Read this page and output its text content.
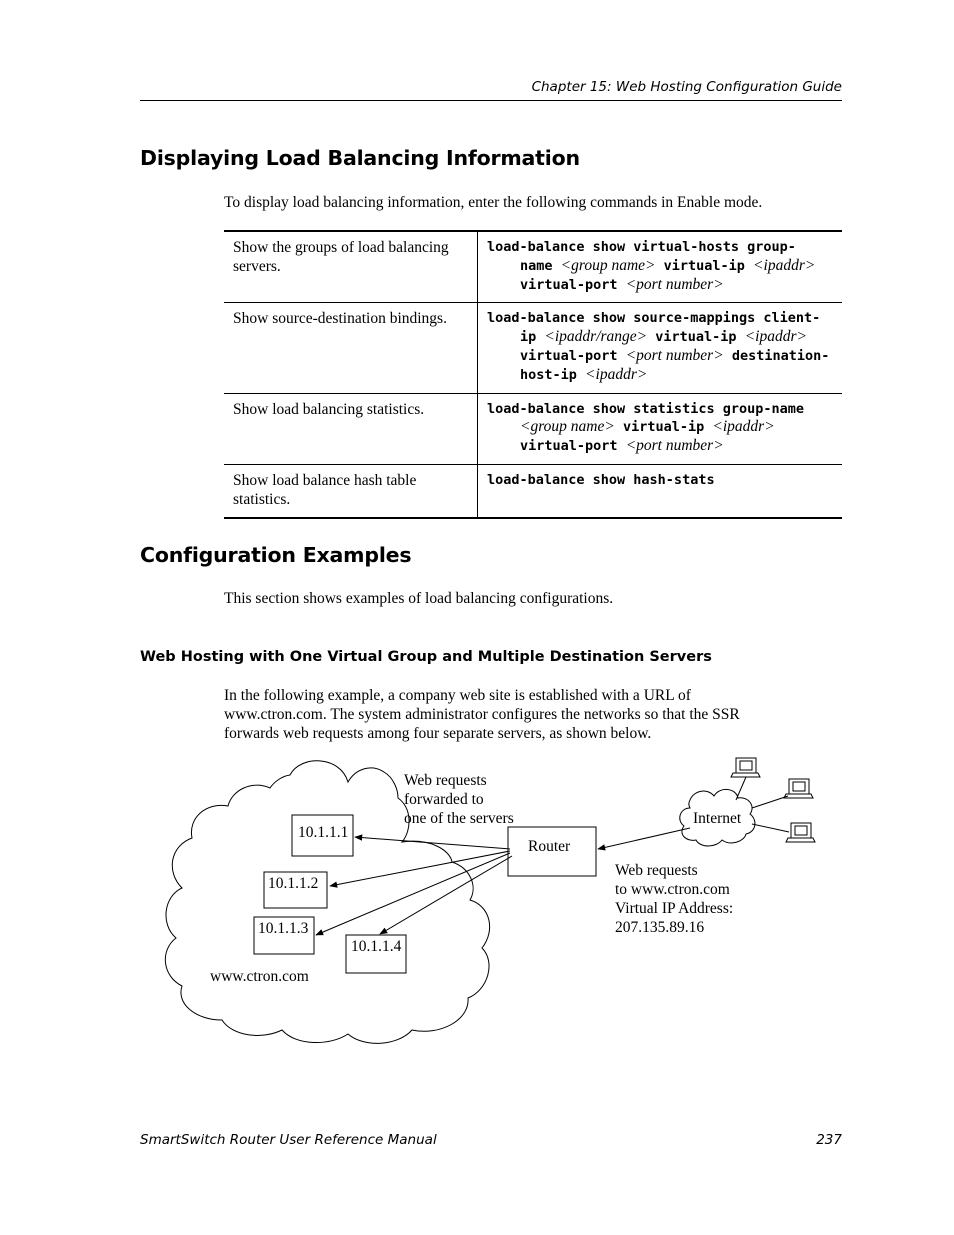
Chapter 15: Web Hosting Configuration Guide
Displaying Load Balancing Information
To display load balancing information, enter the following commands in Enable mode.
Show the groups of load balancing servers.	load-balance show virtual-hosts group-
name <group name> virtual-ip <ipaddr>
virtual-port <port number>

Show source-destination bindings.	load-balance show source-mappings client-
ip <ipaddr/range> virtual-ip <ipaddr>
virtual-port <port number> destination-
host-ip <ipaddr>

Show load balancing statistics.	load-balance show statistics group-name
<group name> virtual-ip <ipaddr>
virtual-port <port number>

Show load balance hash table statistics.	load-balance show hash-stats
Configuration Examples
This section shows examples of load balancing configurations.
Web Hosting with One Virtual Group and Multiple Destination Servers
In the following example, a company web site is established with a URL of
www.ctron.com. The system administrator configures the networks so that the SSR
forwards web requests among four separate servers, as shown below.
Router
10.1.1.1
10.1.1.2
10.1.1.3
10.1.1.4
Internet
www.ctron.com
Web requests
forwarded to
one of the servers
Web requests
to www.ctron.com
Virtual IP Address:
207.135.89.16
SmartSwitch Router User Reference Manual	237
